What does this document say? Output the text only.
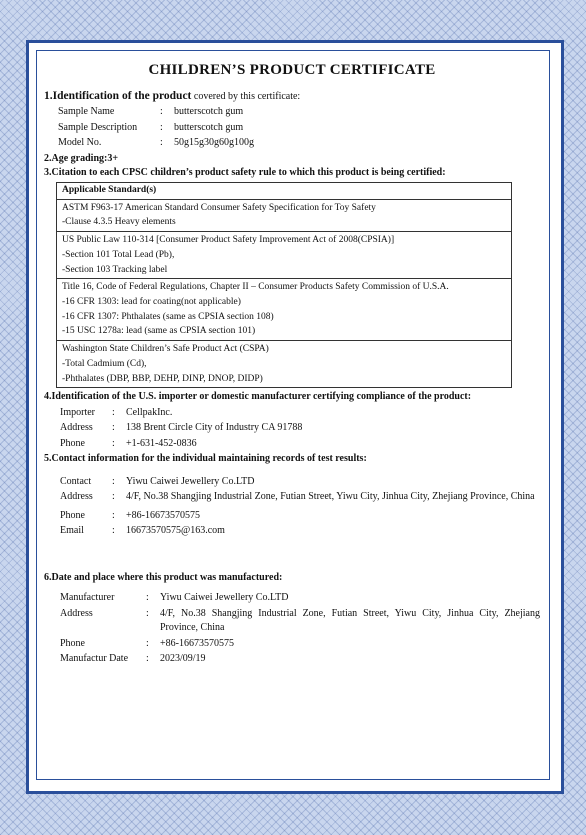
CHILDREN’S PRODUCT CERTIFICATE
1.Identification of the product covered by this certificate:
Sample Name	:	butterscotch gum
Sample Description	:	butterscotch gum
Model No.	:	50g15g30g60g100g
2.Age grading:3+
3.Citation to each CPSC children’s product safety rule to which this product is being certified:
Applicable Standard(s)

ASTM F963-17 American Standard Consumer Safety Specification for Toy Safety
-Clause 4.3.5 Heavy elements

US Public Law 110-314 [Consumer Product Safety Improvement Act of 2008(CPSIA)]
-Section 101 Total Lead (Pb),
-Section 103 Tracking label

Title 16, Code of Federal Regulations, Chapter II – Consumer Products Safety Commission of U.S.A.
-16 CFR 1303: lead for coating(not applicable)
-16 CFR 1307: Phthalates (same as CPSIA section 108)
-15 USC 1278a: lead (same as CPSIA section 101)

Washington State Children’s Safe Product Act (CSPA)
-Total Cadmium (Cd),
-Phthalates (DBP, BBP, DEHP, DINP, DNOP, DIDP)
4.Identification of the U.S. importer or domestic manufacturer certifying compliance of the product:
Importer	:	CellpakInc.
Address	:	138 Brent Circle City of Industry CA 91788
Phone	:	+1-631-452-0836
5.Contact information for the individual maintaining records of test results:
Contact	:	Yiwu Caiwei Jewellery Co.LTD
Address	:	4/F, No.38 Shangjing Industrial Zone, Futian Street, Yiwu City, Jinhua City, Zhejiang Province, China
Phone	:	+86-16673570575
Email	:	16673570575@163.com
6.Date and place where this product was manufactured:
Manufacturer	:	Yiwu Caiwei Jewellery Co.LTD
Address	:	4/F, No.38 Shangjing Industrial Zone, Futian Street, Yiwu City, Jinhua City, Zhejiang Province, China
Phone	:	+86-16673570575
Manufactur Date	:	2023/09/19
